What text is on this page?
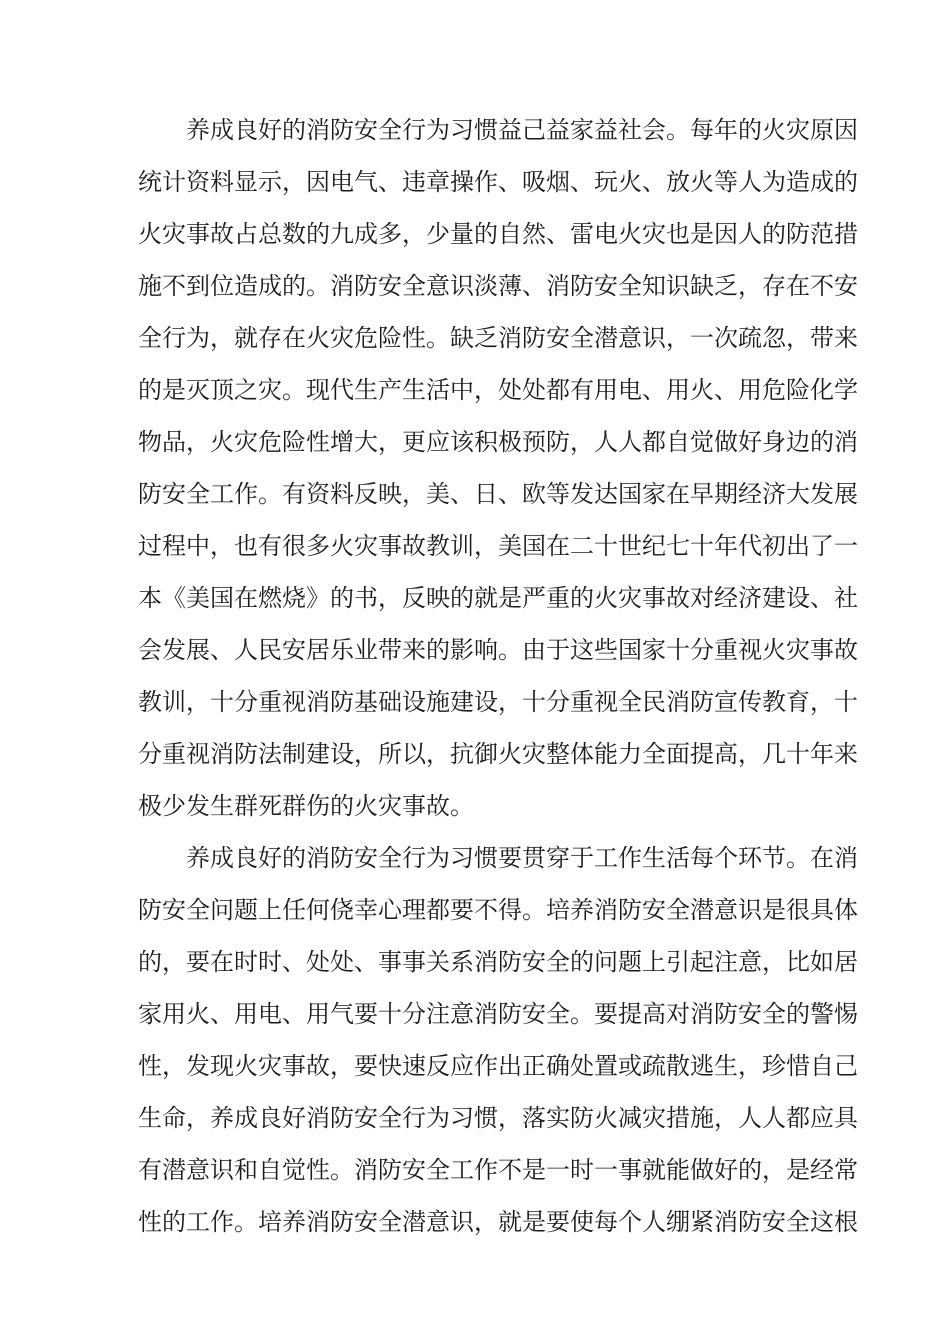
养成良好的消防安全行为习惯益己益家益社会。每年的火灾原因
统计资料显示，因电气、违章操作、吸烟、玩火、放火等人为造成的
火灾事故占总数的九成多，少量的自然、雷电火灾也是因人的防范措
施不到位造成的。消防安全意识淡薄、消防安全知识缺乏，存在不安
全行为，就存在火灾危险性。缺乏消防安全潜意识，一次疏忽，带来
的是灭顶之灾。现代生产生活中，处处都有用电、用火、用危险化学
物品，火灾危险性增大，更应该积极预防，人人都自觉做好身边的消
防安全工作。有资料反映，美、日、欧等发达国家在早期经济大发展
过程中，也有很多火灾事故教训，美国在二十世纪七十年代初出了一
本《美国在燃烧》的书，反映的就是严重的火灾事故对经济建设、社
会发展、人民安居乐业带来的影响。由于这些国家十分重视火灾事故
教训，十分重视消防基础设施建设，十分重视全民消防宣传教育，十
分重视消防法制建设，所以，抗御火灾整体能力全面提高，几十年来
极少发生群死群伤的火灾事故。
养成良好的消防安全行为习惯要贯穿于工作生活每个环节。在消
防安全问题上任何侥幸心理都要不得。培养消防安全潜意识是很具体
的，要在时时、处处、事事关系消防安全的问题上引起注意，比如居
家用火、用电、用气要十分注意消防安全。要提高对消防安全的警惕
性，发现火灾事故，要快速反应作出正确处置或疏散逃生，珍惜自己
生命，养成良好消防安全行为习惯，落实防火减灾措施，人人都应具
有潜意识和自觉性。消防安全工作不是一时一事就能做好的，是经常
性的工作。培养消防安全潜意识，就是要使每个人绷紧消防安全这根
